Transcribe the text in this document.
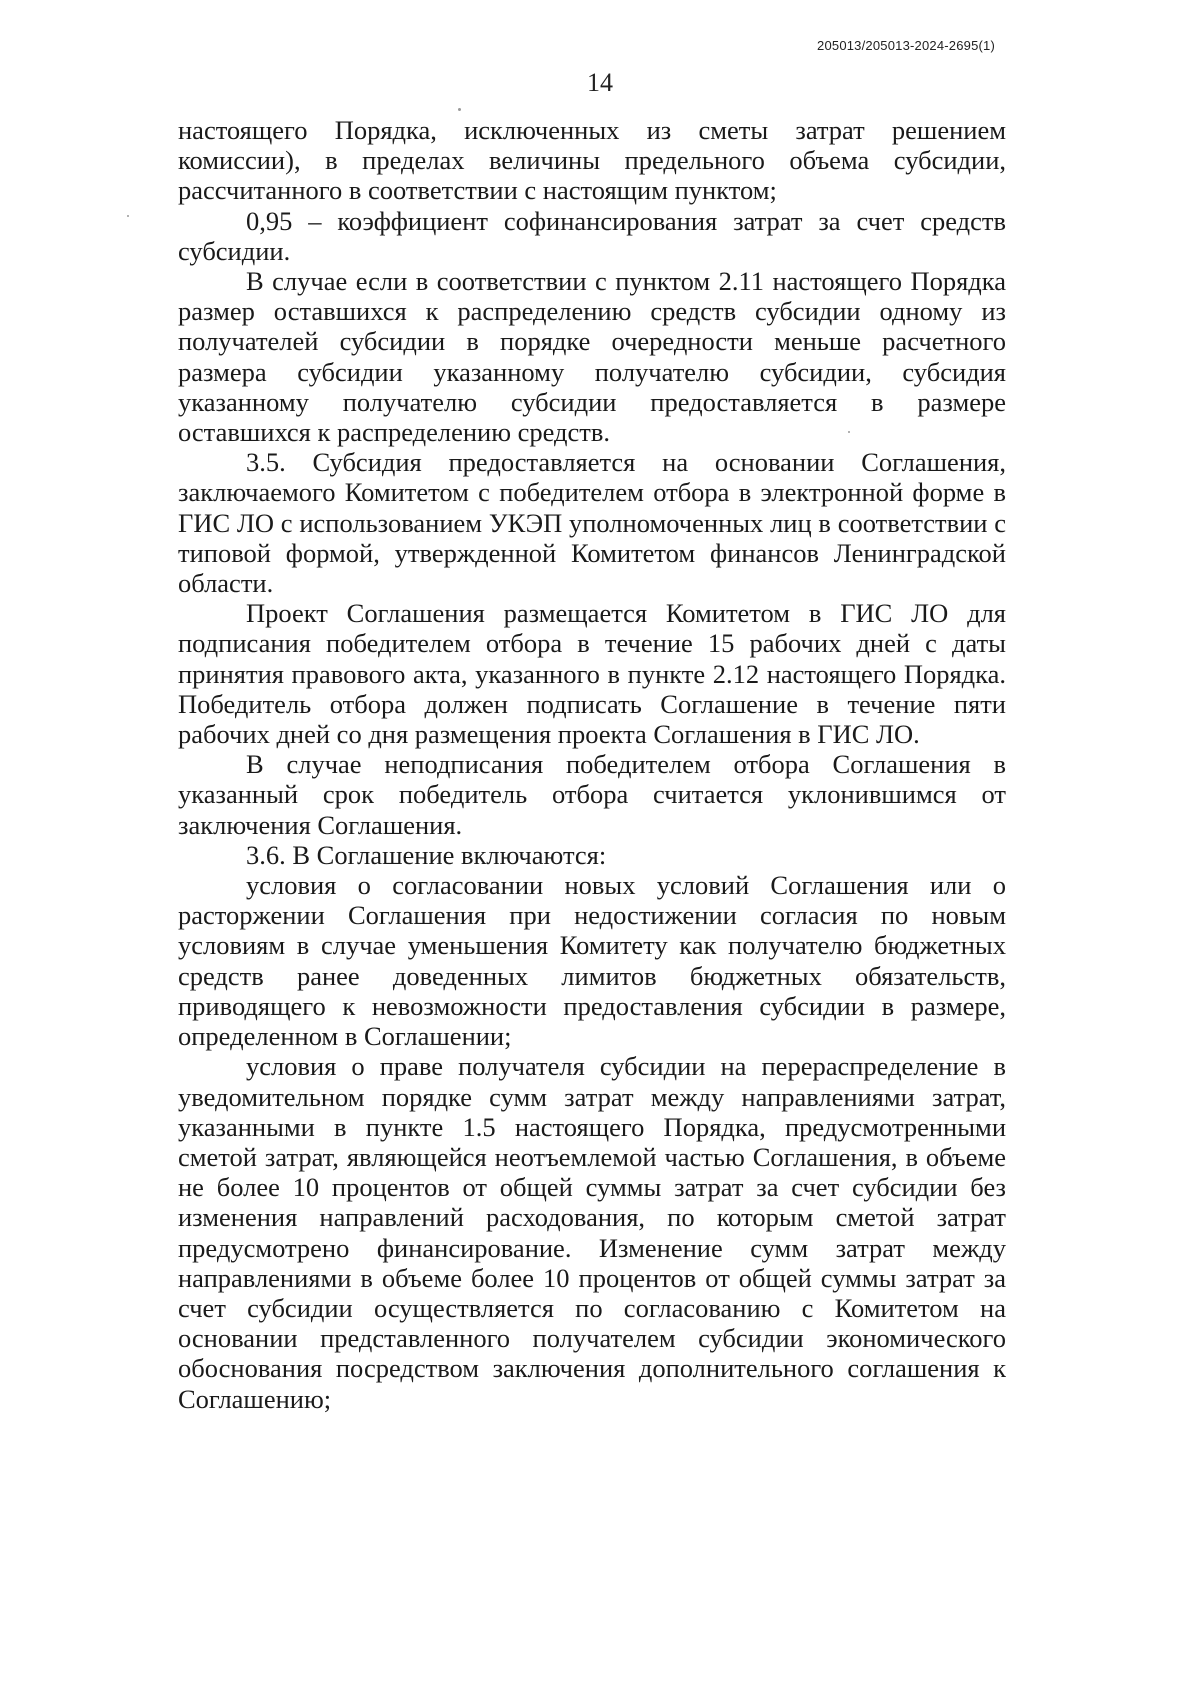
205013/205013-2024-2695(1)
14

настоящего Порядка, исключенных из сметы затрат решением комиссии), в пределах величины предельного объема субсидии, рассчитанного в соответствии с настоящим пунктом;

0,95 – коэффициент софинансирования затрат за счет средств субсидии.

В случае если в соответствии с пунктом 2.11 настоящего Порядка размер оставшихся к распределению средств субсидии одному из получателей субсидии в порядке очередности меньше расчетного размера субсидии указанному получателю субсидии, субсидия указанному получателю субсидии предоставляется в размере оставшихся к распределению средств.

3.5. Субсидия предоставляется на основании Соглашения, заключаемого Комитетом с победителем отбора в электронной форме в ГИС ЛО с использованием УКЭП уполномоченных лиц в соответствии с типовой формой, утвержденной Комитетом финансов Ленинградской области.

Проект Соглашения размещается Комитетом в ГИС ЛО для подписания победителем отбора в течение 15 рабочих дней с даты принятия правового акта, указанного в пункте 2.12 настоящего Порядка. Победитель отбора должен подписать Соглашение в течение пяти рабочих дней со дня размещения проекта Соглашения в ГИС ЛО.

В случае неподписания победителем отбора Соглашения в указанный срок победитель отбора считается уклонившимся от заключения Соглашения.

3.6. В Соглашение включаются:

условия о согласовании новых условий Соглашения или о расторжении Соглашения при недостижении согласия по новым условиям в случае уменьшения Комитету как получателю бюджетных средств ранее доведенных лимитов бюджетных обязательств, приводящего к невозможности предоставления субсидии в размере, определенном в Соглашении;

условия о праве получателя субсидии на перераспределение в уведомительном порядке сумм затрат между направлениями затрат, указанными в пункте 1.5 настоящего Порядка, предусмотренными сметой затрат, являющейся неотъемлемой частью Соглашения, в объеме не более 10 процентов от общей суммы затрат за счет субсидии без изменения направлений расходования, по которым сметой затрат предусмотрено финансирование. Изменение сумм затрат между направлениями в объеме более 10 процентов от общей суммы затрат за счет субсидии осуществляется по согласованию с Комитетом на основании представленного получателем субсидии экономического обоснования посредством заключения дополнительного соглашения к Соглашению;
